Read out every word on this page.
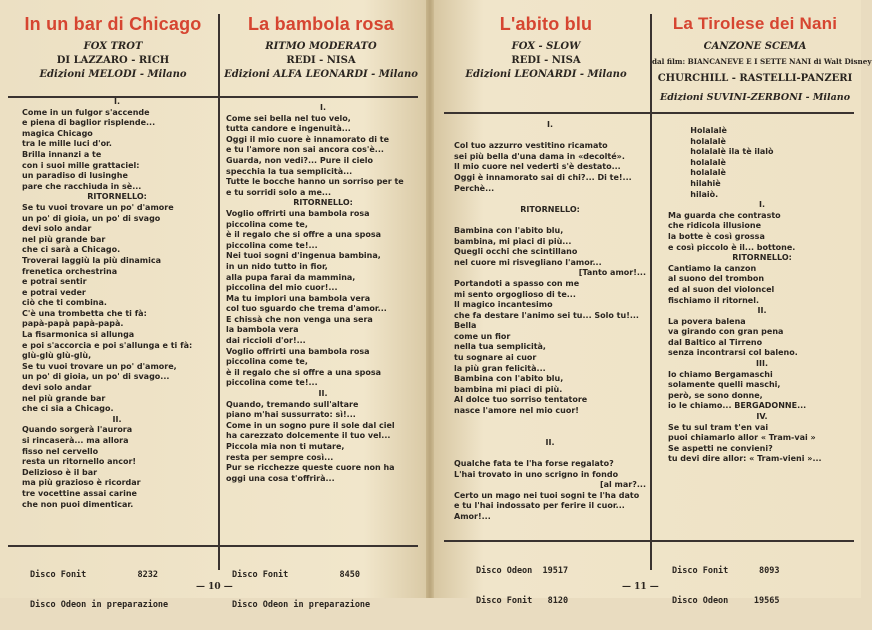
In un bar di Chicago
FOX TROT
DI LAZZARO - RICH
Edizioni MELODI - Milano
I.
Come in un fulgor s'accende
e piena di baglior risplende...
magica Chicago
tra le mille luci d'or.
Brilla innanzi a te
con i suoi mille grattaciel:
un paradiso di lusinghe
pare che racchiuda in sè...
RITORNELLO:
Se tu vuoi trovare un po' d'amore
un po' di gioia, un po' di svago
devi solo andar
nel più grande bar
che ci sarà a Chicago.
Troverai laggiù la più dinamica
frenetica orchestrina
e potrai sentir
e potrai veder
ciò che ti combina.
C'è una trombetta che ti fà:
papà-papà papà-papà.
La fisarmonica si allunga
e poi s'accorcia e poi s'allunga e ti fà:
glù-glù glù-glù,
Se tu vuoi trovare un po' d'amore,
un po' di gioia, un po' di svago...
devi solo andar
nel più grande bar
che ci sia a Chicago.
II.
Quando sorgerà l'aurora
si rincaserà... ma allora
fisso nel cervello
resta un ritornello ancor!
Delizioso è il bar
ma più grazioso è ricordar
tre vocettine assai carine
che non puoi dimenticar.

Disco Fonit          8232

Disco Odeon in preparazione

La bambola rosa
RITMO MODERATO
REDI - NISA
Edizioni ALFA LEONARDI - Milano
I.
Come sei bella nel tuo velo,
tutta candore e ingenuità...
Oggi il mio cuore è innamorato di te
e tu l'amore non sai ancora cos'è...
Guarda, non vedi?... Pure il cielo
specchia la tua semplicità...
Tutte le bocche hanno un sorriso per te
e tu sorridi solo a me...
RITORNELLO:
Voglio offrirti una bambola rosa
piccolina come te,
è il regalo che si offre a una sposa
piccolina come te!...
Nei tuoi sogni d'ingenua bambina,
in un nido tutto in fior,
alla pupa farai da mammina,
piccolina del mio cuor!...
Ma tu implori una bambola vera
col tuo sguardo che trema d'amor...
E chissà che non venga una sera
la bambola vera
dai riccioli d'or!...
Voglio offrirti una bambola rosa
piccolina come te,
è il regalo che si offre a una sposa
piccolina come te!...
II.
Quando, tremando sull'altare
piano m'hai sussurrato: sì!...
Come in un sogno pure il sole dal ciel
ha carezzato dolcemente il tuo vel...
Piccola mia non ti mutare,
resta per sempre così...
Pur se ricchezze queste cuore non ha
oggi una cosa t'offrirà...

Disco Fonit          8450

Disco Odeon in preparazione

L'abito blu
FOX - SLOW
REDI - NISA
Edizioni LEONARDI - Milano
I.
Col tuo azzurro vestitino ricamato
sei più bella d'una dama in «decolté».
Il mio cuore nel vederti s'è destato...
Oggi è innamorato sai di chi?... Di te!...
Perchè...
RITORNELLO:
Bambina con l'abito blu,
bambina, mi piaci di più...
Quegli occhi che scintillano
nel cuore mi risvegliano l'amor...
[Tanto amor!...
Portandoti a spasso con me
mi sento orgoglioso di te...
Il magico incantesimo
che fa destare l'animo sei tu... Solo tu!...
Bella
come un fior
nella tua semplicità,
tu sognare ai cuor
la più gran felicità...
Bambina con l'abito blu,
bambina mi piaci di più.
Al dolce tuo sorriso tentatore
nasce l'amore nel mio cuor!
II.
Qualche fata te l'ha forse regalato?
L'hai trovato in uno scrigno in fondo
[al mar?...
Certo un mago nei tuoi sogni te l'ha dato
e tu l'hai indossato per ferire il cuor...
Amor!...

Disco Odeon  19517

Disco Fonit   8120

La Tirolese dei Nani
CANZONE SCEMA
dal film: BIANCANEVE E I SETTE NANI di Walt Disney
CHURCHILL - RASTELLI-PANZERI
Edizioni SUVINI-ZERBONI - Milano
Holalalè
holalalè
holalalè ila tè ilalò
holalalè
holalalè
hilahiè
hilaiò.
I.
Ma guarda che contrasto
che ridicola illusione
la botte è così grossa
e così piccolo è il... bottone.
RITORNELLO:
Cantiamo la canzon
al suono del trombon
ed al suon del violoncel
fischiamo il ritornel.
II.
La povera balena
va girando con gran pena
dal Baltico al Tirreno
senza incontrarsi col baleno.
III.
Io chiamo Bergamaschi
solamente quelli maschi,
però, se sono donne,
io le chiamo... BERGADONNE...
IV.
Se tu sul tram t'en vai
puoi chiamarlo allor « Tram-vai »
Se aspetti ne convieni?
tu devi dire allor: « Tram-vieni »...

Disco Fonit      8093

Disco Odeon     19565

— 10 —	— 11 —
